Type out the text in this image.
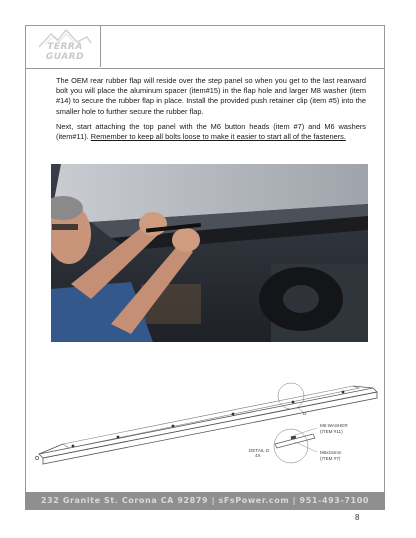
TERRA
GUARD

The OEM rear rubber flap will reside over the step panel so when you get to the last rearward bolt you will place the aluminum spacer (item#15) in the flap hole and larger M8 washer (item #14) to secure the rubber flap in place. Install the provided push retainer clip (item #5) into the smaller hole to further secure the rubber flap.

Next, start attaching the top panel with the M6 button heads (item #7) and M6 washers (item#11). Remember to keep all bolts loose to make it easier to start all of the fasteners.

D
M6 WASHER
(ITEM #11)
DETAIL D
4X
M6x15mm
(ITEM #7)
232 Granite St. Corona CA 92879 | sFsPower.com | 951-493-7100
8
